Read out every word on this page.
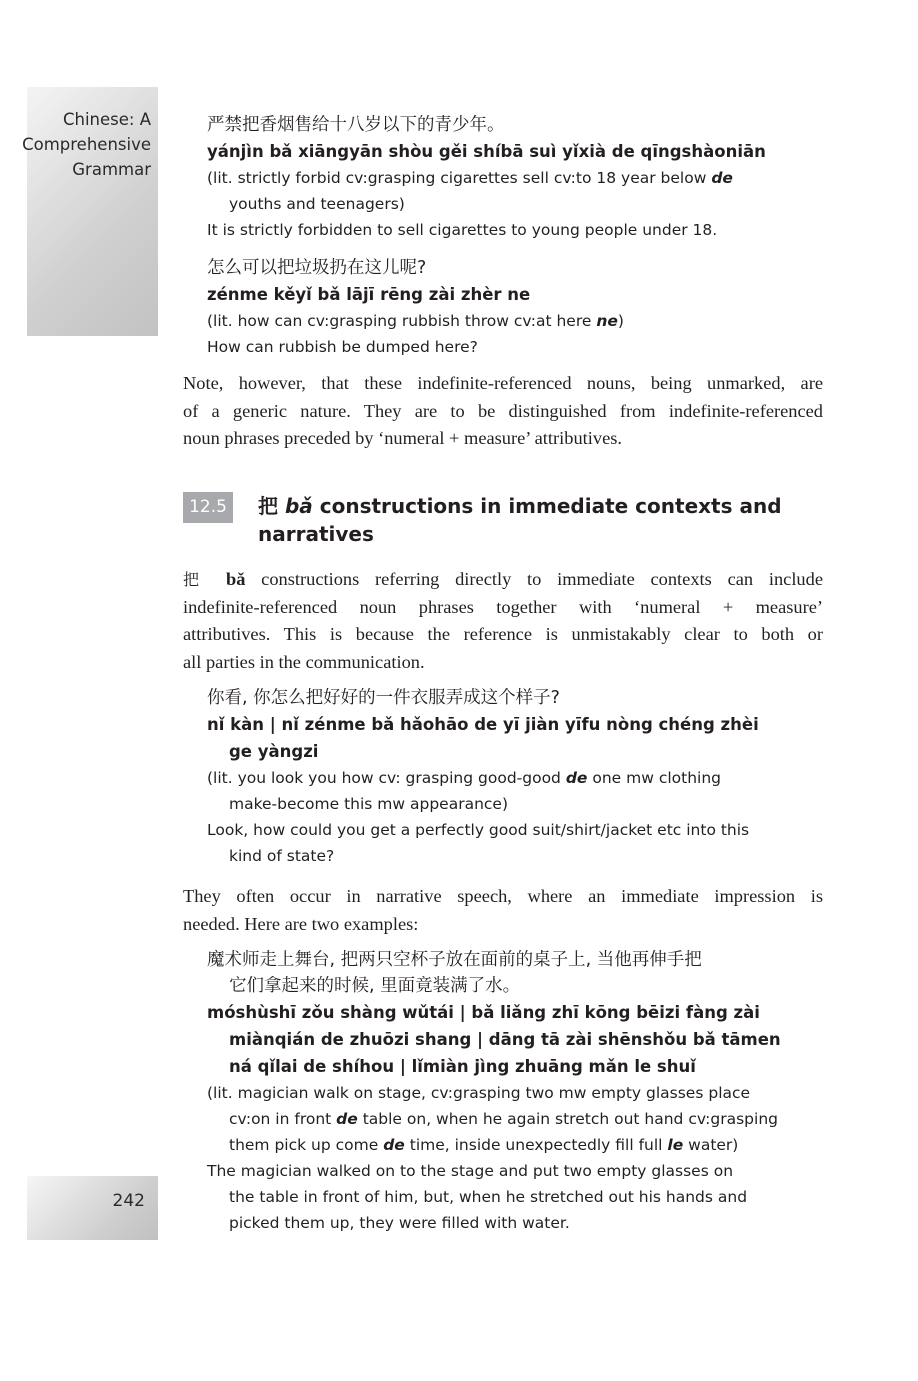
Chinese: A
Comprehensive
Grammar
242
严禁把香烟售给十八岁以下的青少年。
yánjìn bǎ xiāngyān shòu gěi shíbā suì yǐxià de qīngshàoniān
(lit. strictly forbid cv:grasping cigarettes sell cv:to 18 year below de
youths and teenagers)
It is strictly forbidden to sell cigarettes to young people under 18.
怎么可以把垃圾扔在这儿呢?
zénme kěyǐ bǎ lājī rēng zài zhèr ne
(lit. how can cv:grasping rubbish throw cv:at here ne)
How can rubbish be dumped here?
Note, however, that these indefinite-referenced nouns, being unmarked, are
of a generic nature. They are to be distinguished from indefinite-referenced
noun phrases preceded by ‘numeral + measure’ attributives.
12.5	把 bǎ constructions in immediate contexts and
narratives
把 bǎ constructions referring directly to immediate contexts can include
indefinite-referenced noun phrases together with ‘numeral + measure’
attributives. This is because the reference is unmistakably clear to both or
all parties in the communication.
你看, 你怎么把好好的一件衣服弄成这个样子?
nǐ kàn | nǐ zénme bǎ hǎohāo de yī jiàn yīfu nòng chéng zhèi
ge yàngzi
(lit. you look you how cv: grasping good-good de one mw clothing
make-become this mw appearance)
Look, how could you get a perfectly good suit/shirt/jacket etc into this
kind of state?
They often occur in narrative speech, where an immediate impression is
needed. Here are two examples:
魔术师走上舞台, 把两只空杯子放在面前的桌子上, 当他再伸手把
它们拿起来的时候, 里面竟装满了水。
móshùshī zǒu shàng wǔtái | bǎ liǎng zhī kōng bēizi fàng zài
miànqián de zhuōzi shang | dāng tā zài shēnshǒu bǎ tāmen
ná qǐlai de shíhou | lǐmiàn jìng zhuāng mǎn le shuǐ
(lit. magician walk on stage, cv:grasping two mw empty glasses place
cv:on in front de table on, when he again stretch out hand cv:grasping
them pick up come de time, inside unexpectedly fill full le water)
The magician walked on to the stage and put two empty glasses on
the table in front of him, but, when he stretched out his hands and
picked them up, they were filled with water.
